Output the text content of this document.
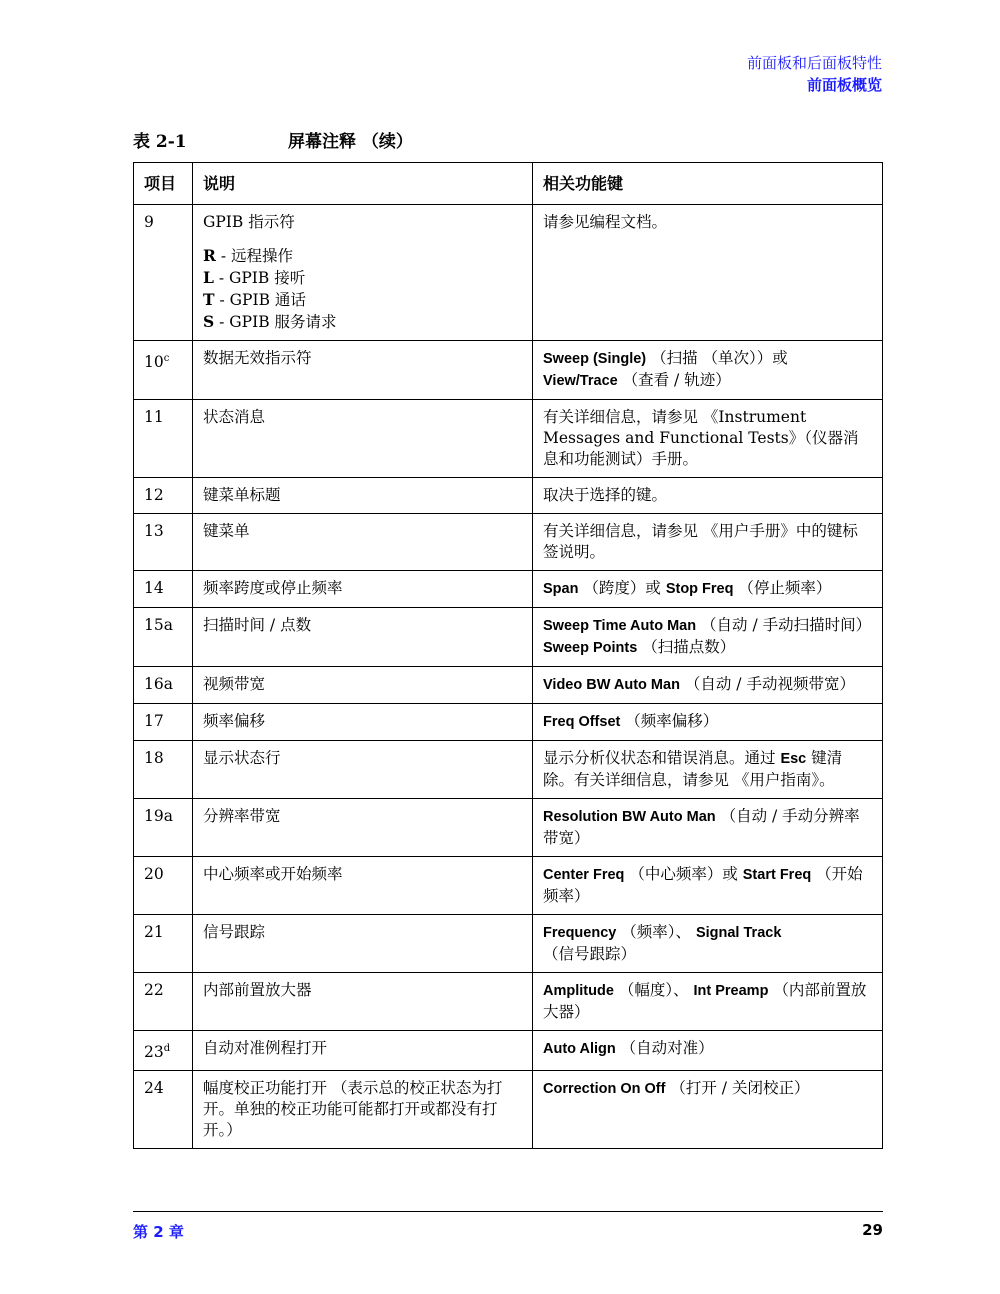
前面板和后面板特性
前面板概览
表 2-1	屏幕注释 （续）
项目	说明	相关功能键
9	GPIB 指示符
R - 远程操作
L - GPIB 接听
T - GPIB 通话
S - GPIB 服务请求	请参见编程文档。
10$^c$	数据无效指示符	Sweep (Single) （扫描 （单次））或
View/Trace （查看 / 轨迹）

11	状态消息	有关详细信息，请参见 《Instrument Messages and Functional Tests》（仪器消息和功能测试）手册。
12	键菜单标题	取决于选择的键。
13	键菜单	有关详细信息，请参见 《用户手册》中的键标签说明。
14	频率跨度或停止频率	Span （跨度）或 Stop Freq （停止频率）
15a	扫描时间 / 点数	Sweep Time Auto Man （自动 / 手动扫描时间） Sweep Points （扫描点数）
16a	视频带宽	Video BW Auto Man （自动 / 手动视频带宽）
17	频率偏移	Freq Offset （频率偏移）
18	显示状态行	显示分析仪状态和错误消息。通过 Esc 键清除。有关详细信息，请参见 《用户指南》。
19a	分辨率带宽	Resolution BW Auto Man （自动 / 手动分辨率带宽）
20	中心频率或开始频率	Center Freq （中心频率）或 Start Freq （开始频率）
21	信号跟踪	Frequency （频率）、 Signal Track （信号跟踪）
22	内部前置放大器	Amplitude （幅度）、 Int Preamp （内部前置放大器）
23$^d$	自动对准例程打开	Auto Align （自动对准）
24	幅度校正功能打开 （表示总的校正状态为打开。单独的校正功能可能都打开或都没有打开。）	Correction On Off （打开 / 关闭校正）
第 2 章	29
